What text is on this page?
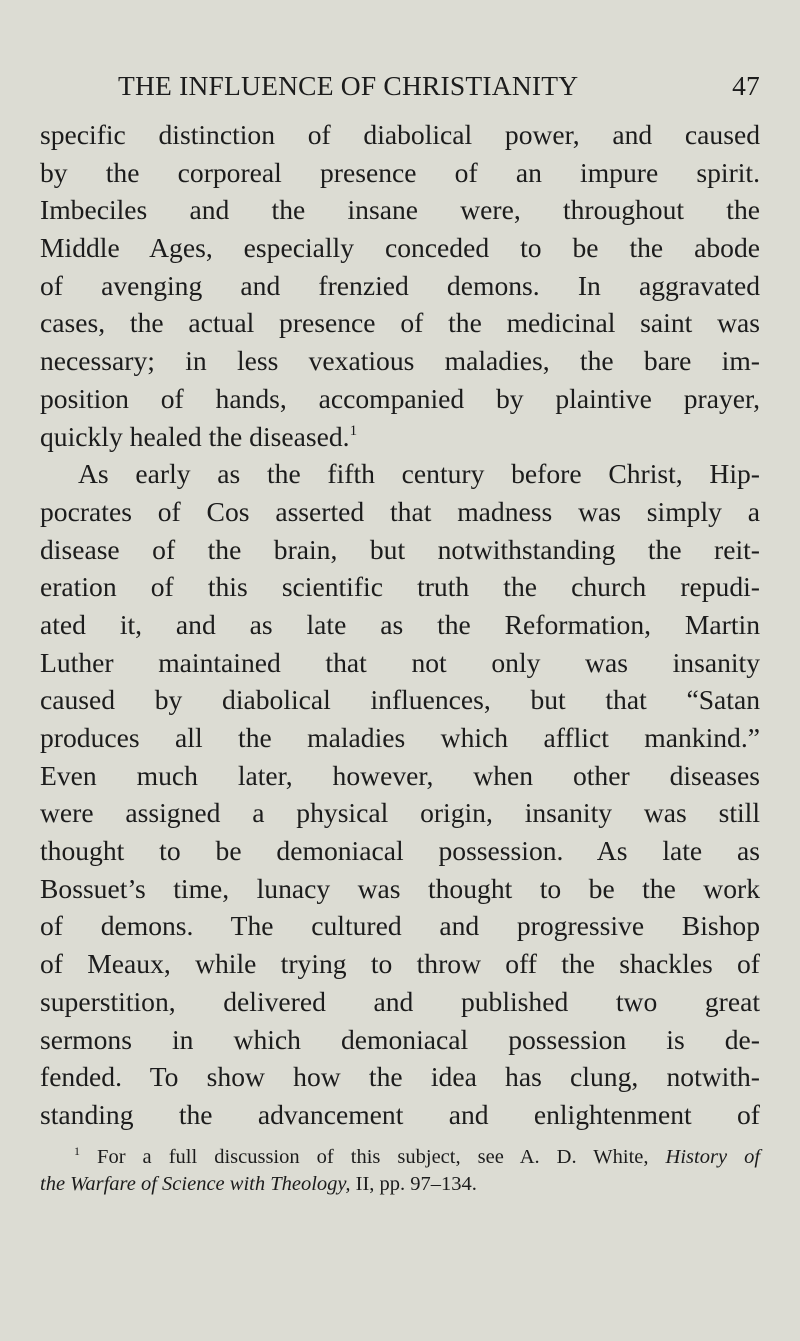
THE INFLUENCE OF CHRISTIANITY	47
specific distinction of diabolical power, and caused
by the corporeal presence of an impure spirit.
Imbeciles and the insane were, throughout the
Middle Ages, especially conceded to be the abode
of avenging and frenzied demons. In aggravated
cases, the actual presence of the medicinal saint was
necessary; in less vexatious maladies, the bare im-
position of hands, accompanied by plaintive prayer,
quickly healed the diseased.$^1$
As early as the fifth century before Christ, Hip-
pocrates of Cos asserted that madness was simply a
disease of the brain, but notwithstanding the reit-
eration of this scientific truth the church repudi-
ated it, and as late as the Reformation, Martin
Luther maintained that not only was insanity
caused by diabolical influences, but that “Satan
produces all the maladies which afflict mankind.”
Even much later, however, when other diseases
were assigned a physical origin, insanity was still
thought to be demoniacal possession. As late as
Bossuet’s time, lunacy was thought to be the work
of demons. The cultured and progressive Bishop
of Meaux, while trying to throw off the shackles of
superstition, delivered and published two great
sermons in which demoniacal possession is de-
fended. To show how the idea has clung, notwith-
standing the advancement and enlightenment of
$^1$ For a full discussion of this subject, see A. D. White, History of
the Warfare of Science with Theology, II, pp. 97–134.
